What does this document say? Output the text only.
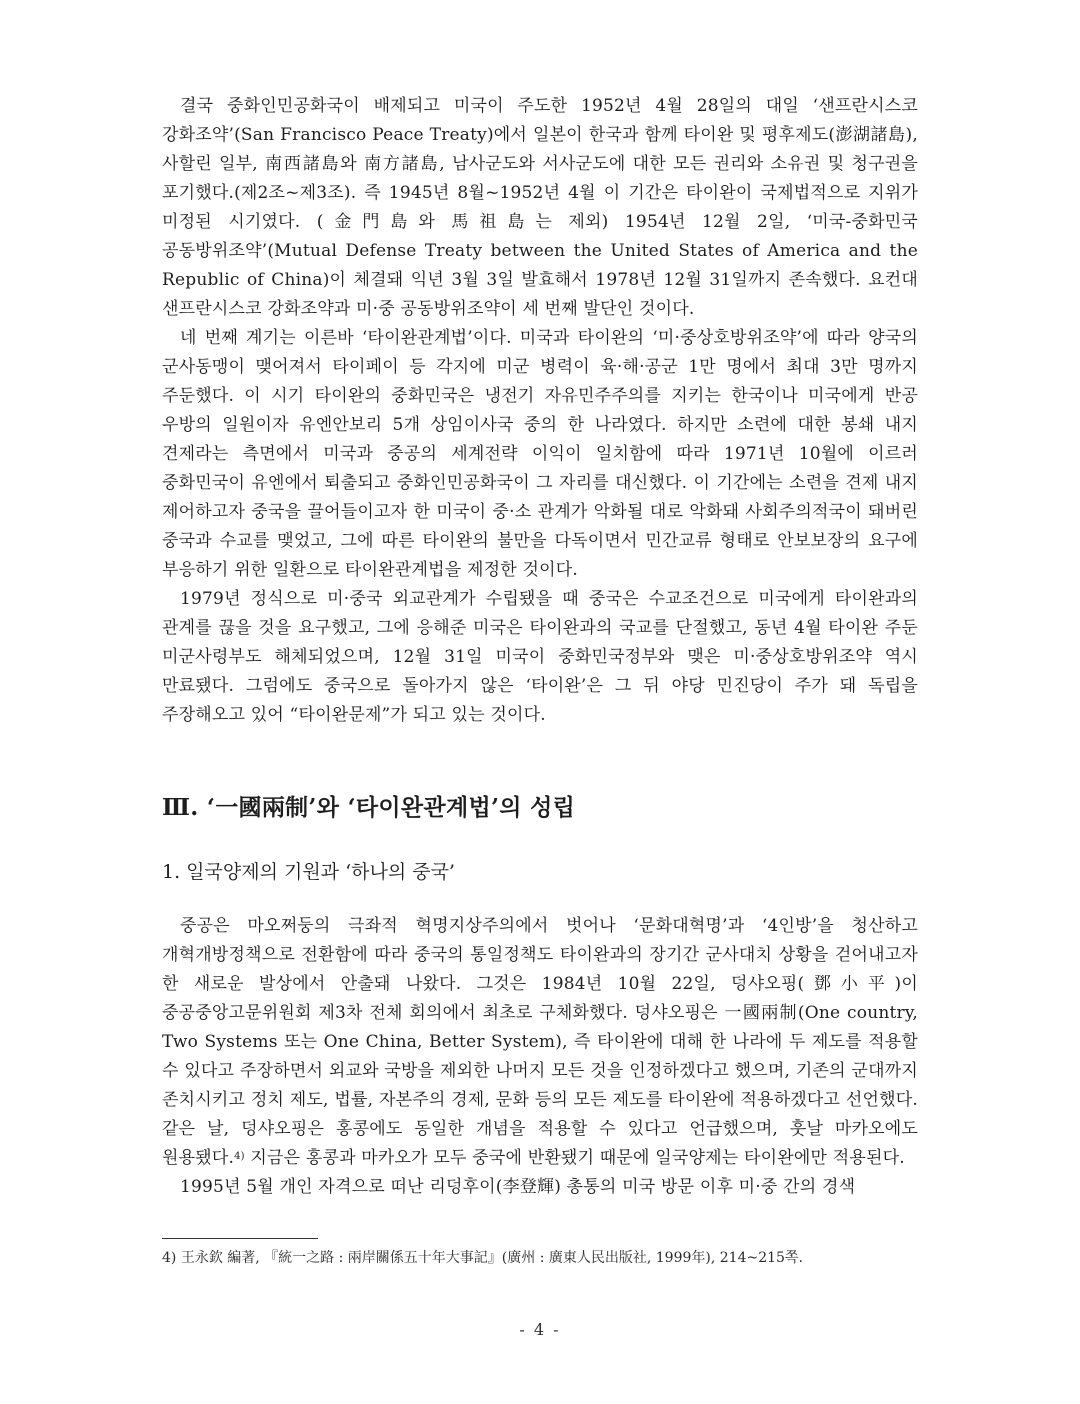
결국 중화인민공화국이 배제되고 미국이 주도한 1952년 4월 28일의 대일 ‘샌프란시스코 강화조약’(San Francisco Peace Treaty)에서 일본이 한국과 함께 타이완 및 평후제도(澎湖諸島), 사할린 일부, 南西諸島와 南方諸島, 남사군도와 서사군도에 대한 모든 권리와 소유권 및 청구권을 포기했다.(제2조~제3조). 즉 1945년 8월~1952년 4월 이 기간은 타이완이 국제법적으로 지위가 미정된 시기였다. (金門島와 馬祖島는 제외) 1954년 12월 2일, ‘미국-중화민국 공동방위조약’(Mutual Defense Treaty between the United States of America and the Republic of China)이 체결돼 익년 3월 3일 발효해서 1978년 12월 31일까지 존속했다. 요컨대 샌프란시스코 강화조약과 미·중 공동방위조약이 세 번째 발단인 것이다.

네 번째 계기는 이른바 ‘타이완관계법’이다. 미국과 타이완의 ‘미·중상호방위조약’에 따라 양국의 군사동맹이 맺어져서 타이페이 등 각지에 미군 병력이 육·해·공군 1만 명에서 최대 3만 명까지 주둔했다. 이 시기 타이완의 중화민국은 냉전기 자유민주주의를 지키는 한국이나 미국에게 반공 우방의 일원이자 유엔안보리 5개 상임이사국 중의 한 나라였다. 하지만 소련에 대한 봉쇄 내지 견제라는 측면에서 미국과 중공의 세계전략 이익이 일치함에 따라 1971년 10월에 이르러 중화민국이 유엔에서 퇴출되고 중화인민공화국이 그 자리를 대신했다. 이 기간에는 소련을 견제 내지 제어하고자 중국을 끌어들이고자 한 미국이 중·소 관계가 악화될 대로 악화돼 사회주의적국이 돼버린 중국과 수교를 맺었고, 그에 따른 타이완의 불만을 다독이면서 민간교류 형태로 안보보장의 요구에 부응하기 위한 일환으로 타이완관계법을 제정한 것이다.

1979년 정식으로 미·중국 외교관계가 수립됐을 때 중국은 수교조건으로 미국에게 타이완과의 관계를 끊을 것을 요구했고, 그에 응해준 미국은 타이완과의 국교를 단절했고, 동년 4월 타이완 주둔 미군사령부도 해체되었으며, 12월 31일 미국이 중화민국정부와 맺은 미·중상호방위조약 역시 만료됐다. 그럼에도 중국으로 돌아가지 않은 ‘타이완’은 그 뒤 야당 민진당이 주가 돼 독립을 주장해오고 있어 “타이완문제”가 되고 있는 것이다.

Ⅲ. ‘一國兩制’와 ‘타이완관계법’의 성립
1. 일국양제의 기원과 ‘하나의 중국’

중공은 마오쩌둥의 극좌적 혁명지상주의에서 벗어나 ‘문화대혁명’과 ‘4인방’을 청산하고 개혁개방정책으로 전환함에 따라 중국의 통일정책도 타이완과의 장기간 군사대치 상황을 걷어내고자 한 새로운 발상에서 안출돼 나왔다. 그것은 1984년 10월 22일, 덩샤오핑(鄧小平)이 중공중앙고문위원회 제3차 전체 회의에서 최초로 구체화했다. 덩샤오핑은 一國兩制(One country, Two Systems 또는 One China, Better System), 즉 타이완에 대해 한 나라에 두 제도를 적용할 수 있다고 주장하면서 외교와 국방을 제외한 나머지 모든 것을 인정하겠다고 했으며, 기존의 군대까지 존치시키고 정치 제도, 법률, 자본주의 경제, 문화 등의 모든 제도를 타이완에 적용하겠다고 선언했다. 같은 날, 덩샤오핑은 홍콩에도 동일한 개념을 적용할 수 있다고 언급했으며, 훗날 마카오에도 원용됐다.$^{4)}$ 지금은 홍콩과 마카오가 모두 중국에 반환됐기 때문에 일국양제는 타이완에만 적용된다.

1995년 5월 개인 자격으로 떠난 리덩후이(李登輝) 총통의 미국 방문 이후 미·중 간의 경색

4) 王永欽 編著, 『統一之路 : 兩岸關係五十年大事記』(廣州 : 廣東人民出版社, 1999年), 214~215쪽.
- 4 -
